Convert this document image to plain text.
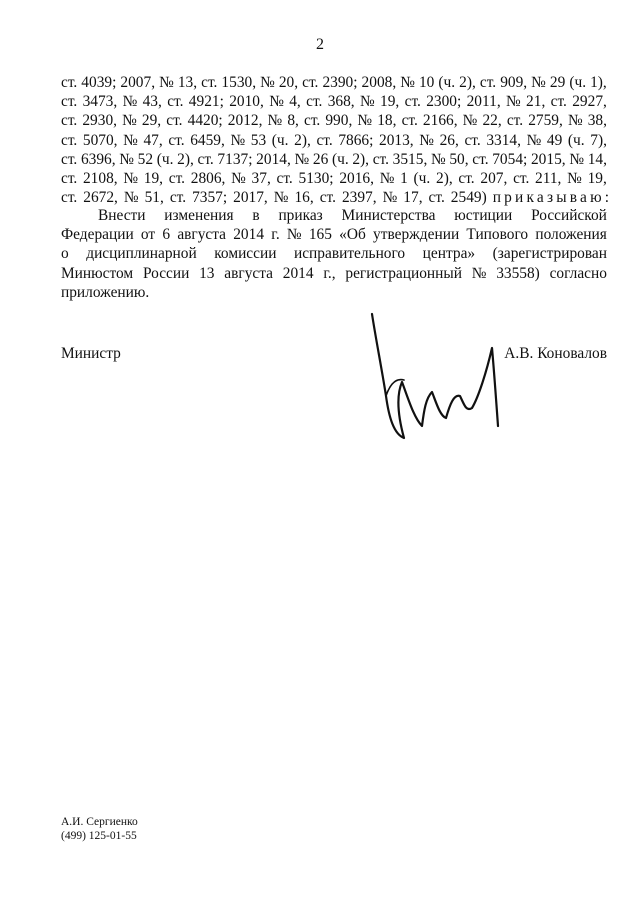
2
ст. 4039; 2007, № 13, ст. 1530, № 20, ст. 2390; 2008, № 10 (ч. 2), ст. 909, № 29 (ч. 1),
ст. 3473, № 43, ст. 4921; 2010, № 4, ст. 368, № 19, ст. 2300; 2011, № 21, ст. 2927,
ст. 2930, № 29, ст. 4420; 2012, № 8, ст. 990, № 18, ст. 2166, № 22, ст. 2759, № 38,
ст. 5070, № 47, ст. 6459, № 53 (ч. 2), ст. 7866; 2013, № 26, ст. 3314, № 49 (ч. 7),
ст. 6396, № 52 (ч. 2), ст. 7137; 2014, № 26 (ч. 2), ст. 3515, № 50, ст. 7054; 2015, № 14,
ст. 2108, № 19, ст. 2806, № 37, ст. 5130; 2016, № 1 (ч. 2), ст. 207, ст. 211, № 19,
ст. 2672, № 51, ст. 7357; 2017, № 16, ст. 2397, № 17, ст. 2549) приказываю:
Внести изменения в приказ Министерства юстиции Российской
Федерации от 6 августа 2014 г. № 165 «Об утверждении Типового положения
о дисциплинарной комиссии исправительного центра» (зарегистрирован
Минюстом России 13 августа 2014 г., регистрационный № 33558) согласно
приложению.
Министр	А.В. Коновалов
А.И. Сергиенко
(499) 125-01-55
